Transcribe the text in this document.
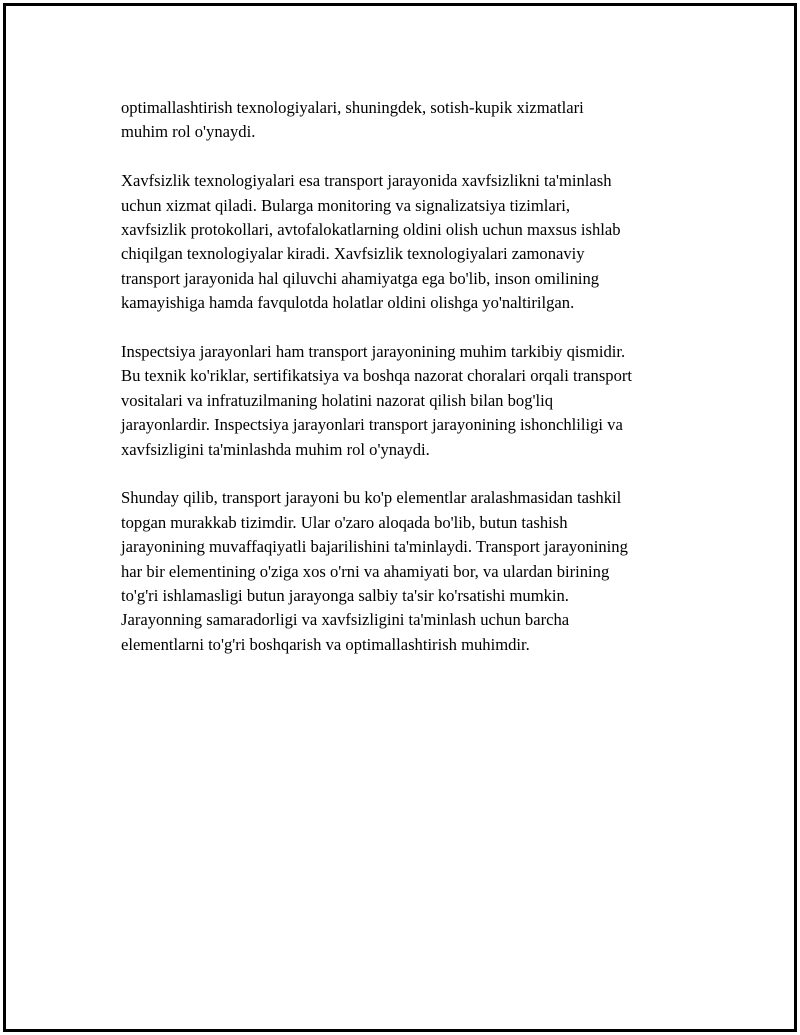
optimallashtirish texnologiyalari, shuningdek, sotish-kupik xizmatlari
muhim rol o'ynaydi.

Xavfsizlik texnologiyalari esa transport jarayonida xavfsizlikni ta'minlash
uchun xizmat qiladi. Bularga monitoring va signalizatsiya tizimlari,
xavfsizlik protokollari, avtofalokatlarning oldini olish uchun maxsus ishlab
chiqilgan texnologiyalar kiradi. Xavfsizlik texnologiyalari zamonaviy
transport jarayonida hal qiluvchi ahamiyatga ega bo'lib, inson omilining
kamayishiga hamda favqulotda holatlar oldini olishga yo'naltirilgan.

Inspectsiya jarayonlari ham transport jarayonining muhim tarkibiy qismidir.
Bu texnik ko'riklar, sertifikatsiya va boshqa nazorat choralari orqali transport
vositalari va infratuzilmaning holatini nazorat qilish bilan bog'liq
jarayonlardir. Inspectsiya jarayonlari transport jarayonining ishonchliligi va
xavfsizligini ta'minlashda muhim rol o'ynaydi.

Shunday qilib, transport jarayoni bu ko'p elementlar aralashmasidan tashkil
topgan murakkab tizimdir. Ular o'zaro aloqada bo'lib, butun tashish
jarayonining muvaffaqiyatli bajarilishini ta'minlaydi. Transport jarayonining
har bir elementining o'ziga xos o'rni va ahamiyati bor, va ulardan birining
to'g'ri ishlamasligi butun jarayonga salbiy ta'sir ko'rsatishi mumkin.
Jarayonning samaradorligi va xavfsizligini ta'minlash uchun barcha
elementlarni to'g'ri boshqarish va optimallashtirish muhimdir.
